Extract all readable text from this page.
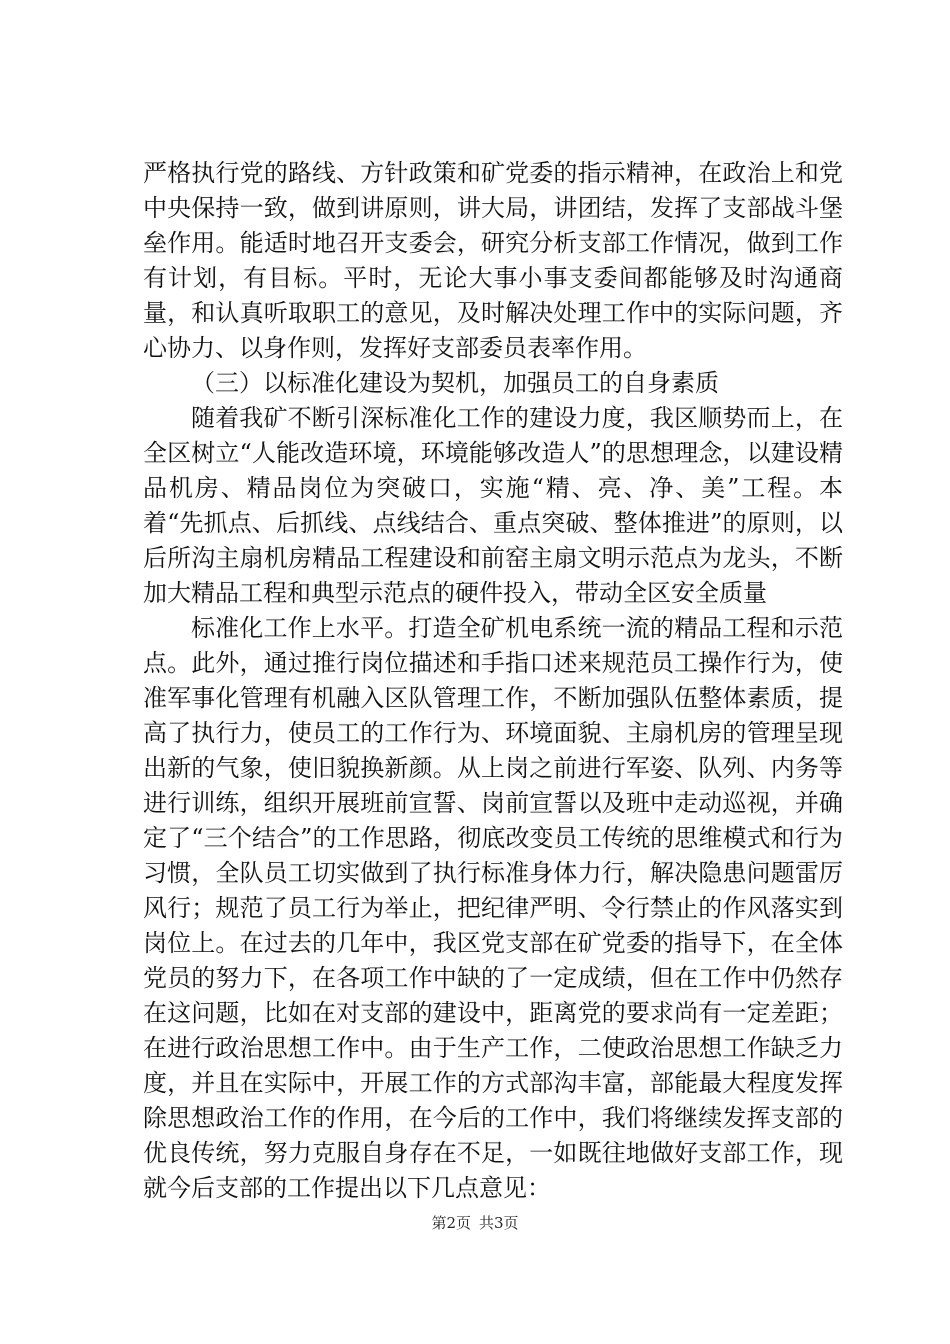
严格执行党的路线、方针政策和矿党委的指示精神，在政治上和党中央保持一致，做到讲原则，讲大局，讲团结，发挥了支部战斗堡垒作用。能适时地召开支委会，研究分析支部工作情况，做到工作有计划，有目标。平时，无论大事小事支委间都能够及时沟通商量，和认真听取职工的意见，及时解决处理工作中的实际问题，齐心协力、以身作则，发挥好支部委员表率作用。

（三）以标准化建设为契机，加强员工的自身素质

随着我矿不断引深标准化工作的建设力度，我区顺势而上，在全区树立“人能改造环境，环境能够改造人”的思想理念，以建设精品机房、精品岗位为突破口，实施“精、亮、净、美”工程。本着“先抓点、后抓线、点线结合、重点突破、整体推进”的原则，以后所沟主扇机房精品工程建设和前窑主扇文明示范点为龙头，不断加大精品工程和典型示范点的硬件投入，带动全区安全质量

标准化工作上水平。打造全矿机电系统一流的精品工程和示范点。此外，通过推行岗位描述和手指口述来规范员工操作行为，使准军事化管理有机融入区队管理工作，不断加强队伍整体素质，提高了执行力，使员工的工作行为、环境面貌、主扇机房的管理呈现出新的气象，使旧貌换新颜。从上岗之前进行军姿、队列、内务等进行训练，组织开展班前宣誓、岗前宣誓以及班中走动巡视，并确定了“三个结合”的工作思路，彻底改变员工传统的思维模式和行为习惯，全队员工切实做到了执行标准身体力行，解决隐患问题雷厉风行；规范了员工行为举止，把纪律严明、令行禁止的作风落实到岗位上。在过去的几年中，我区党支部在矿党委的指导下，在全体党员的努力下，在各项工作中缺的了一定成绩，但在工作中仍然存在这问题，比如在对支部的建设中，距离党的要求尚有一定差距；在进行政治思想工作中。由于生产工作，二使政治思想工作缺乏力度，并且在实际中，开展工作的方式部沟丰富，部能最大程度发挥除思想政治工作的作用，在今后的工作中，我们将继续发挥支部的优良传统，努力克服自身存在不足，一如既往地做好支部工作，现就今后支部的工作提出以下几点意见：

第2页 共3页
